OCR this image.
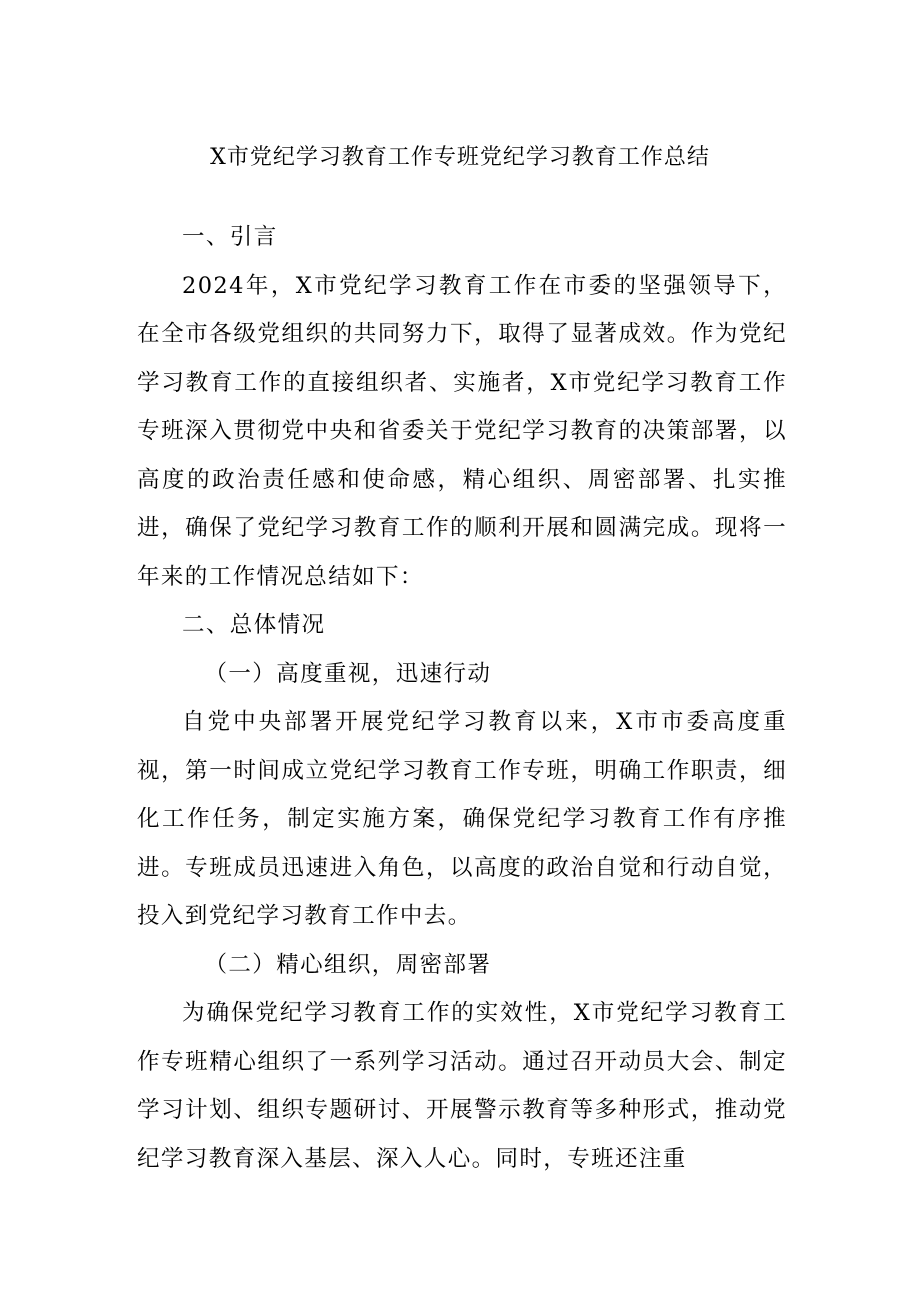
X市党纪学习教育工作专班党纪学习教育工作总结

一、引言

2024年，X市党纪学习教育工作在市委的坚强领导下，在全市各级党组织的共同努力下，取得了显著成效。作为党纪学习教育工作的直接组织者、实施者，X市党纪学习教育工作专班深入贯彻党中央和省委关于党纪学习教育的决策部署，以高度的政治责任感和使命感，精心组织、周密部署、扎实推进，确保了党纪学习教育工作的顺利开展和圆满完成。现将一年来的工作情况总结如下：

二、总体情况

（一）高度重视，迅速行动

自党中央部署开展党纪学习教育以来，X市市委高度重视，第一时间成立党纪学习教育工作专班，明确工作职责，细化工作任务，制定实施方案，确保党纪学习教育工作有序推进。专班成员迅速进入角色，以高度的政治自觉和行动自觉，投入到党纪学习教育工作中去。

（二）精心组织，周密部署

为确保党纪学习教育工作的实效性，X市党纪学习教育工作专班精心组织了一系列学习活动。通过召开动员大会、制定学习计划、组织专题研讨、开展警示教育等多种形式，推动党纪学习教育深入基层、深入人心。同时，专班还注重
